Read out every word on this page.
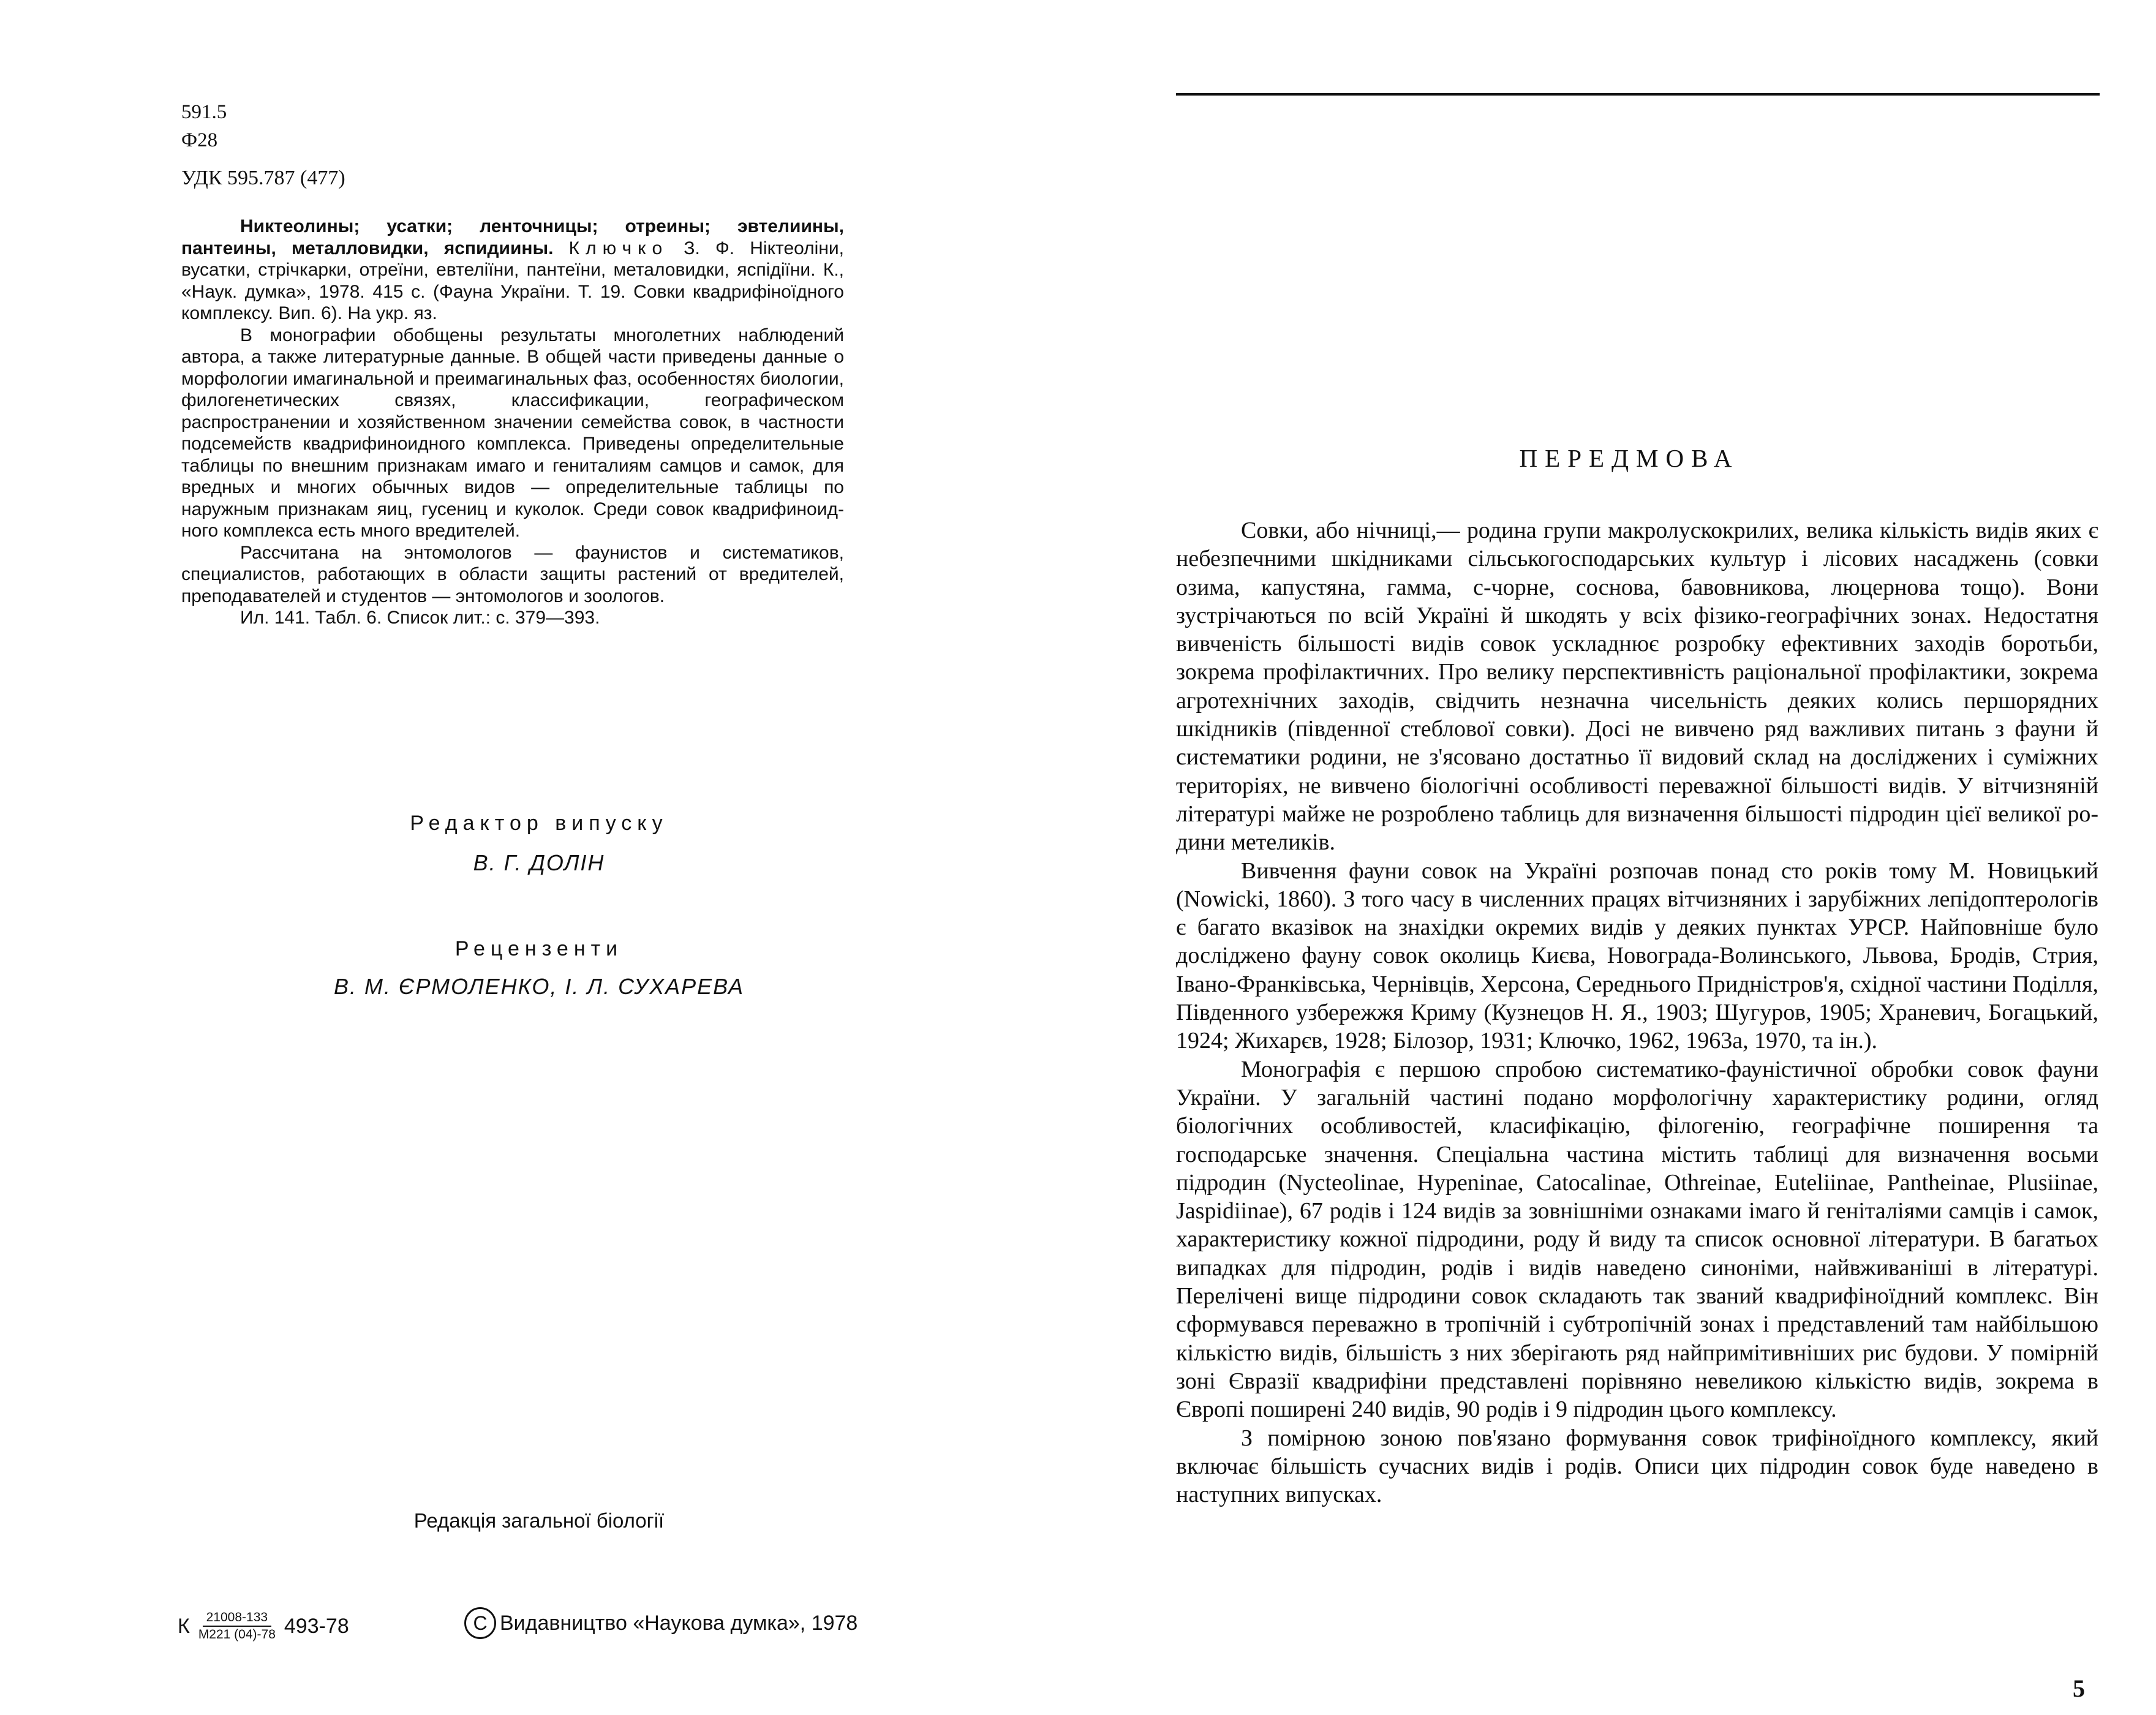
591.5
Ф28
УДК 595.787 (477)

Никтеолины; усатки; ленточницы; отреины; эвтелиины, пантеины, металловидки, яспидиины. Ключко З. Ф. Ніктеоліни, вусатки, стрічкарки, отреїни, евтеліїни, пантеїни, металовидки, яспідіїни. К., «Наук. думка», 1978. 415 с. (Фауна України. Т. 19. Совки квадрифіноїдного комплексу. Вип. 6). На укр. яз.

В монографии обобщены результаты многолетних наблюдений автора, а также литературные данные. В общей части приведены данные о морфологии имагинальной и преимагинальных фаз, особенностях биологии, филогенетических связях, классификации, географическом распространении и хозяйственном значении семейства совок, в частности подсемейств квадрифиноидного комплекса. Приведены определительные таблицы по внешним признакам имаго и гениталиям самцов и самок, для вредных и многих обычных видов — определительные таблицы по наружным признакам яиц, гусениц и куколок. Среди совок квадрифиноидного комплекса есть много вредителей.

Рассчитана на энтомологов — фаунистов и систематиков, специалистов, работающих в области защиты растений от вредителей, преподавателей и студентов — энтомологов и зоологов.

Ил. 141. Табл. 6. Список лит.: с. 379—393.

Редактор випуску
В. Г. ДОЛІН
Рецензенти
В. М. ЄРМОЛЕНКО, І. Л. СУХАРЕВА
Редакція загальної біології
К $\frac{21008-133}{М221 (04)-78} 493-78$	C Видавництво «Наукова думка», 1978
ПЕРЕДМОВА

Совки, або нічниці,— родина групи макролускокрилих, велика кількість видів яких є небезпечними шкідниками сільськогосподарських культур і лісових насаджень (совки озима, капустяна, гамма, с-чорне, соснова, бавовникова, люцернова тощо). Вони зустрічаються по всій Україні й шкодять у всіх фізико-географічних зонах. Недостатня вивченість більшості видів совок ускладнює розробку ефективних заходів боротьби, зокрема профілактичних. Про велику перспективність раціональної профілактики, зокрема агротехнічних заходів, свідчить незначна чисельність деяких колись першорядних шкідників (південної стеблової совки). Досі не вивчено ряд важливих питань з фауни й систематики родини, не з'ясовано достатньо її видовий склад на досліджених і суміжних територіях, не вивчено біологічні особливості переважної більшості видів. У вітчизняній літературі майже не розроблено таблиць для визначення більшості підродин цієї великої родини метеликів.

Вивчення фауни совок на Україні розпочав понад сто років тому М. Новицький (Nowicki, 1860). З того часу в численних працях вітчизняних і зарубіжних лепідоптерологів є багато вказівок на знахідки окремих видів у деяких пунктах УРСР. Найповніше було досліджено фауну совок околиць Києва, Новограда-Волинського, Львова, Бродів, Стрия, Івано-Франківська, Чернівців, Херсона, Середнього Придністров'я, східної частини Поділля, Південного узбережжя Криму (Кузнецов Н. Я., 1903; Шугуров, 1905; Храневич, Богацький, 1924; Жихарєв, 1928; Білозор, 1931; Ключко, 1962, 1963а, 1970, та ін.).

Монографія є першою спробою систематико-фауністичної обробки совок фауни України. У загальній частині подано морфологічну характеристику родини, огляд біологічних особливостей, класифікацію, філогенію, географічне поширення та господарське значення. Спеціальна частина містить таблиці для визначення восьми підродин (Nycteolinae, Hypeninae, Catocalinae, Othreinae, Euteliinae, Pantheinae, Plusiinae, Jaspidiinae), 67 родів і 124 видів за зовнішніми ознаками імаго й геніталіями самців і самок, характеристику кожної підродини, роду й виду та список основної літератури. В багатьох випадках для підродин, родів і видів наведено синоніми, найвживаніші в літературі. Перелічені вище підродини совок складають так званий квадрифіноїдний комплекс. Він сформувався переважно в тропічній і субтропічній зонах і представлений там найбільшою кількістю видів, більшість з них зберігають ряд найпримітивніших рис будови. У помірній зоні Євразії квадрифіни представлені порівняно невеликою кількістю видів, зокрема в Європі поширені 240 видів, 90 родів і 9 підродин цього комплексу.

З помірною зоною пов'язано формування совок трифіноїдного комплексу, який включає більшість сучасних видів і родів. Описи цих підродин совок буде наведено в наступних випусках.

5
